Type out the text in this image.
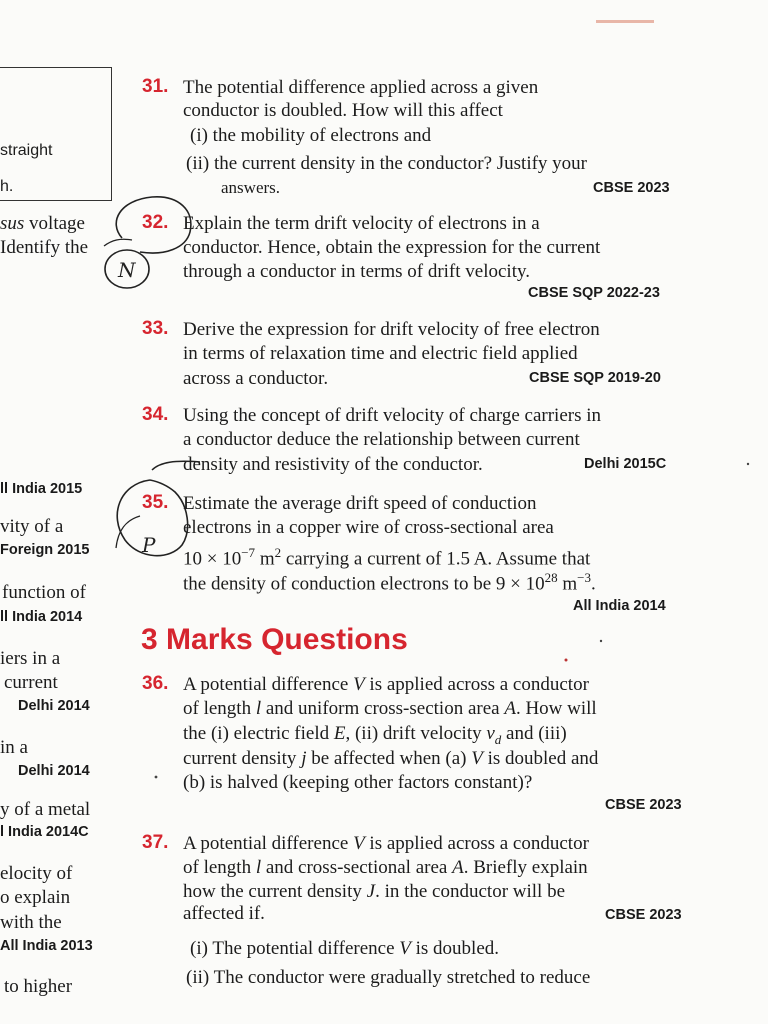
straight
h.
sus voltage
Identify the
ll India 2015
vity of a
Foreign 2015
function of
ll India 2014
iers in a
current
Delhi 2014
in a
Delhi 2014
y of a metal
l India 2014C
elocity of
o explain
with the
All India 2013
to higher
31. The potential difference applied across a given
conductor is doubled. How will this affect
(i) the mobility of electrons and
(ii) the current density in the conductor? Justify your
answers.	CBSE 2023
32. Explain the term drift velocity of electrons in a
conductor. Hence, obtain the expression for the current
through a conductor in terms of drift velocity.
CBSE SQP 2022-23
33. Derive the expression for drift velocity of free electron
in terms of relaxation time and electric field applied
across a conductor.	CBSE SQP 2019-20
34. Using the concept of drift velocity of charge carriers in
a conductor deduce the relationship between current
density and resistivity of the conductor.	Delhi 2015C
35. Estimate the average drift speed of conduction
electrons in a copper wire of cross-sectional area
$10 \times 10^{-7}$ $m^2$ carrying a current of 1.5 A. Assume that
the density of conduction electrons to be $9 \times 10^{28}$ $m^{-3}$.
All India 2014
3 Marks Questions
36. A potential difference V is applied across a conductor
of length l and uniform cross-section area A. How will
the (i) electric field E, (ii) drift velocity $v_d$ and (iii)
current density j be affected when (a) V is doubled and
(b) is halved (keeping other factors constant)?
CBSE 2023
37. A potential difference V is applied across a conductor
of length l and cross-sectional area A. Briefly explain
how the current density J. in the conductor will be
affected if.	CBSE 2023
(i) The potential difference V is doubled.
(ii) The conductor were gradually stretched to reduce
N
P
